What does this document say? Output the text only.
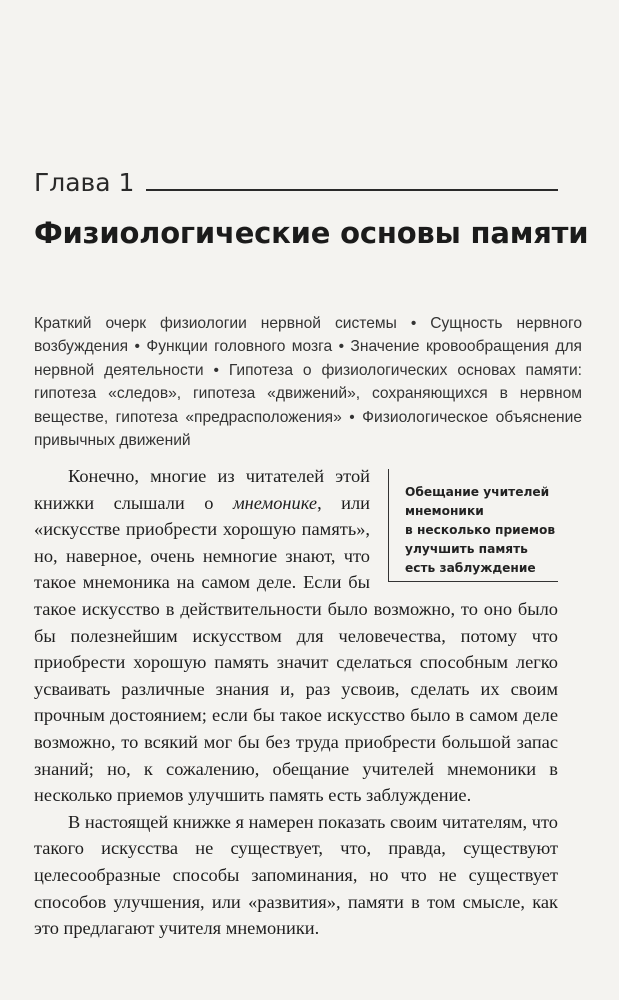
Глава 1
Физиологические основы памяти

Краткий очерк физиологии нервной системы • Сущность нервного возбуждения • Функции головного мозга • Значение кровообращения для нервной деятельности • Гипотеза о физиологических основах памяти: гипотеза «следов», гипотеза «движений», сохраняющихся в нервном веществе, гипотеза «предрасположения» • Физиологическое объяснение привычных движений

Обещание учителей
мнемоники
в несколько приемов
улучшить память
есть заблуждение

Конечно, многие из читателей этой книжки слышали о мнемонике, или «искусстве приобрести хорошую память», но, наверное, очень немногие знают, что такое мнемоника на самом деле. Если бы такое искусство в действительности было возможно, то оно было бы полезнейшим искусством для человечества, потому что приобрести хорошую память значит сделаться способным легко усваивать различные знания и, раз усвоив, сделать их своим прочным достоянием; если бы такое искусство было в самом деле возможно, то всякий мог бы без труда приобрести большой запас знаний; но, к сожалению, обещание учителей мнемоники в несколько приемов улучшить память есть заблуждение.

В настоящей книжке я намерен показать своим читателям, что такого искусства не существует, что, правда, существуют целесообразные способы запоминания, но что не существует способов улучшения, или «развития», памяти в том смысле, как это предлагают учителя мнемоники.
